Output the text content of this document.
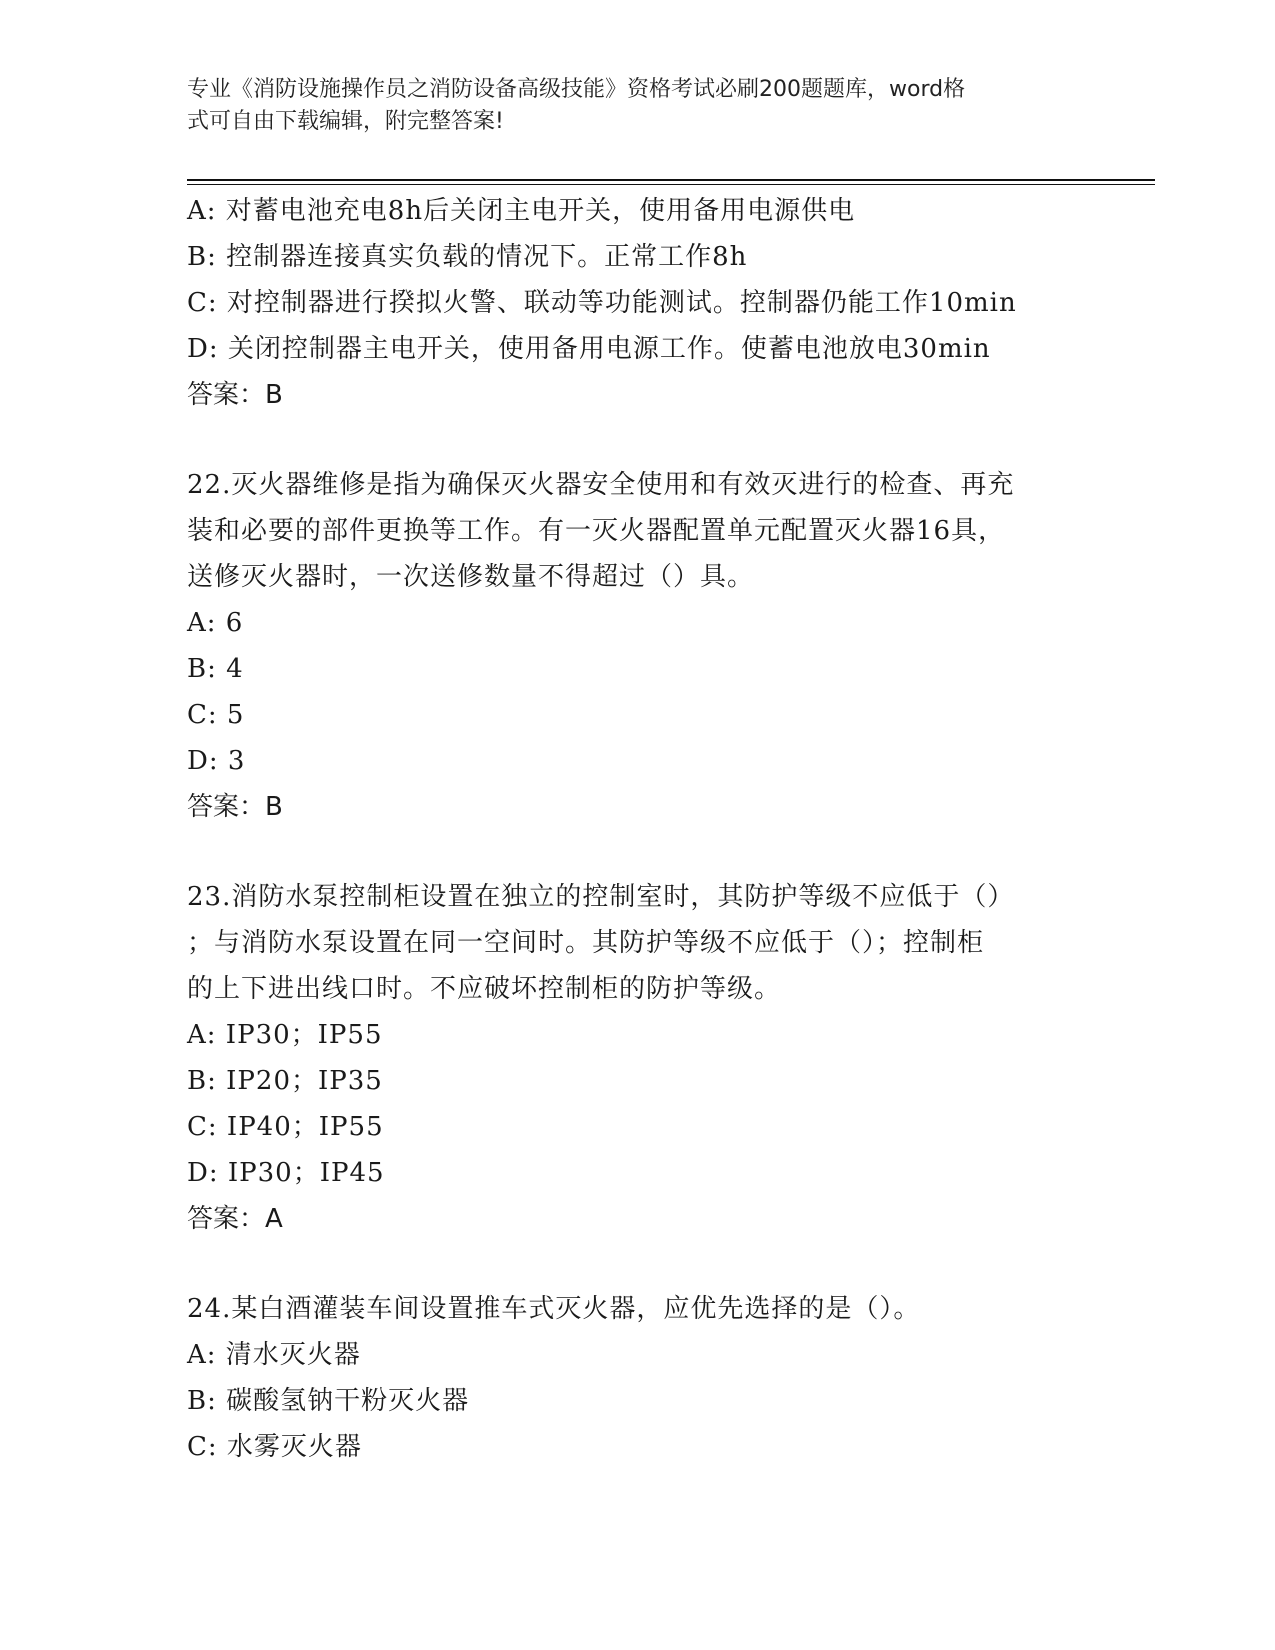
专业《消防设施操作员之消防设备高级技能》资格考试必刷200题题库，word格
式可自由下载编辑，附完整答案!
A: 对蓄电池充电8h后关闭主电开关，使用备用电源供电
B: 控制器连接真实负载的情况下。正常工作8h
C: 对控制器进行揆拟火警、联动等功能测试。控制器仍能工作10min
D: 关闭控制器主电开关，使用备用电源工作。使蓄电池放电30min
答案：B
22.灭火器维修是指为确保灭火器安全使用和有效灭进行的检查、再充
装和必要的部件更换等工作。有一灭火器配置单元配置灭火器16具，
送修灭火器时，一次送修数量不得超过（）具。
A: 6
B: 4
C: 5
D: 3
答案：B
23.消防水泵控制柜设置在独立的控制室时，其防护等级不应低于（）
；与消防水泵设置在同一空间时。其防护等级不应低于（）；控制柜
的上下进出线口时。不应破坏控制柜的防护等级。
A: IP30；IP55
B: IP20；IP35
C: IP40；IP55
D: IP30；IP45
答案：A
24.某白酒灌装车间设置推车式灭火器，应优先选择的是（）。
A: 清水灭火器
B: 碳酸氢钠干粉灭火器
C: 水雾灭火器
